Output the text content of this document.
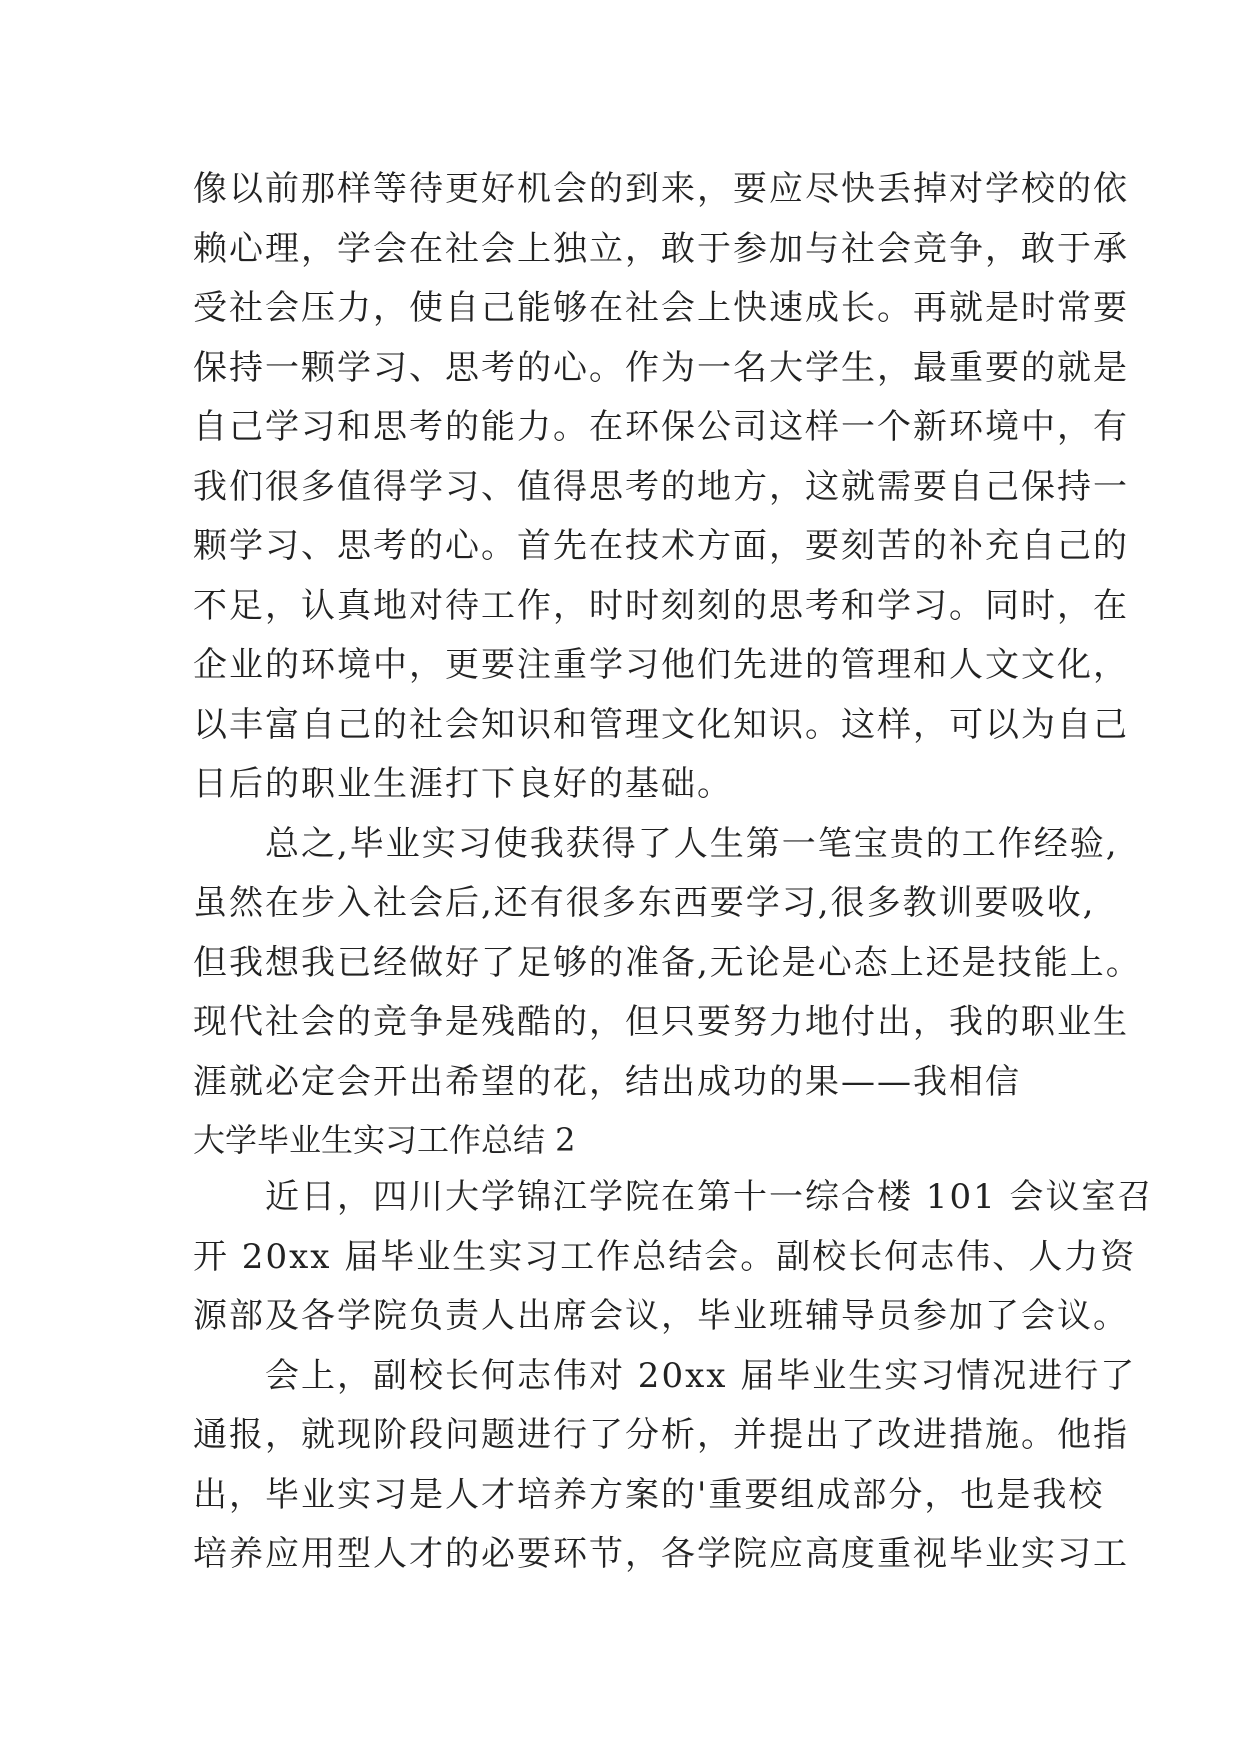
像以前那样等待更好机会的到来，要应尽快丢掉对学校的依
赖心理，学会在社会上独立，敢于参加与社会竞争，敢于承
受社会压力，使自己能够在社会上快速成长。再就是时常要
保持一颗学习、思考的心。作为一名大学生，最重要的就是
自己学习和思考的能力。在环保公司这样一个新环境中，有
我们很多值得学习、值得思考的地方，这就需要自己保持一
颗学习、思考的心。首先在技术方面，要刻苦的补充自己的
不足，认真地对待工作，时时刻刻的思考和学习。同时，在
企业的环境中，更要注重学习他们先进的管理和人文文化，
以丰富自己的社会知识和管理文化知识。这样，可以为自己
日后的职业生涯打下良好的基础。
　　总之,毕业实习使我获得了人生第一笔宝贵的工作经验,
虽然在步入社会后,还有很多东西要学习,很多教训要吸收,
但我想我已经做好了足够的准备,无论是心态上还是技能上。
现代社会的竞争是残酷的，但只要努力地付出，我的职业生
涯就必定会开出希望的花，结出成功的果——我相信
大学毕业生实习工作总结 2
　　近日，四川大学锦江学院在第十一综合楼 101 会议室召
开 20xx 届毕业生实习工作总结会。副校长何志伟、人力资
源部及各学院负责人出席会议，毕业班辅导员参加了会议。
　　会上，副校长何志伟对 20xx 届毕业生实习情况进行了
通报，就现阶段问题进行了分析，并提出了改进措施。他指
出，毕业实习是人才培养方案的'重要组成部分，也是我校
培养应用型人才的必要环节，各学院应高度重视毕业实习工
